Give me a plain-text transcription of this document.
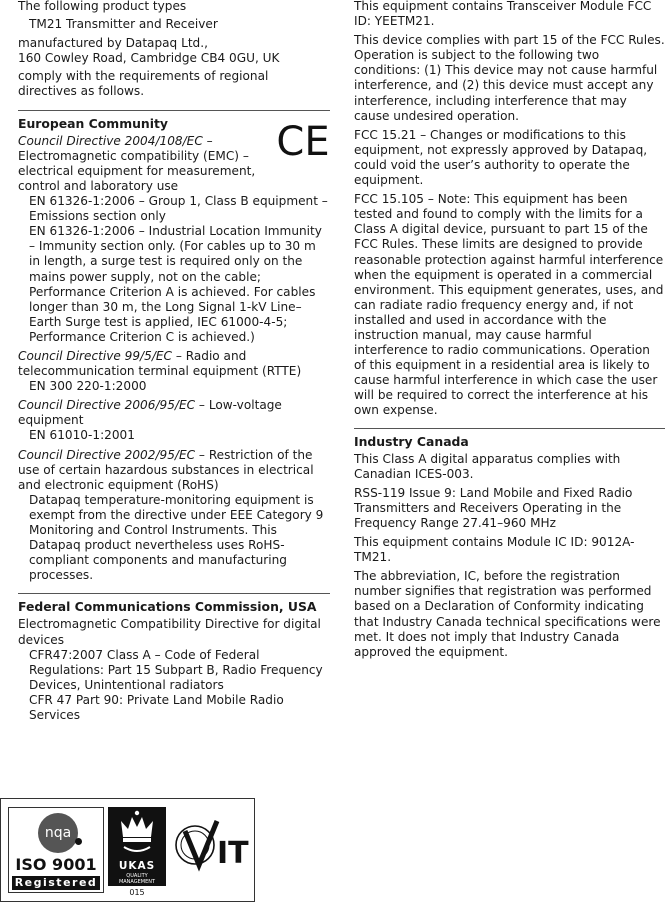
The following product types

TM21 Transmitter and Receiver

manufactured by Datapaq Ltd.,

160 Cowley Road, Cambridge CB4 0GU, UK

comply with the requirements of regional directives as follows.

European Community

Council Directive 2004/108/EC – Electromagnetic compatibility (EMC) – electrical equipment for measurement, control and laboratory use

EN 61326-1:2006 – Group 1, Class B equipment – Emissions section only

EN 61326-1:2006 – Industrial Location Immunity – Immunity section only. (For cables up to 30 m in length, a surge test is required only on the mains power supply, not on the cable; Performance Criterion A is achieved. For cables longer than 30 m, the Long Signal 1-kV Line–Earth Surge test is applied, IEC 61000-4-5; Performance Criterion C is achieved.)

Council Directive 99/5/EC – Radio and telecommunication terminal equipment (RTTE)

EN 300 220-1:2000

Council Directive 2006/95/EC – Low-voltage equipment

EN 61010-1:2001

Council Directive 2002/95/EC – Restriction of the use of certain hazardous substances in electrical and electronic equipment (RoHS)

Datapaq temperature-monitoring equipment is exempt from the directive under EEE Category 9 Monitoring and Control Instruments. This Datapaq product nevertheless uses RoHS-compliant components and manufacturing processes.

Federal Communications Commission, USA

Electromagnetic Compatibility Directive for digital devices

CFR47:2007 Class A – Code of Federal Regulations: Part 15 Subpart B, Radio Frequency Devices, Unintentional radiators

CFR 47 Part 90: Private Land Mobile Radio Services

CE

This equipment contains Transceiver Module FCC ID: YEETM21.

This device complies with part 15 of the FCC Rules. Operation is subject to the following two conditions: (1) This device may not cause harmful interference, and (2) this device must accept any interference, including interference that may cause undesired operation.

FCC 15.21 – Changes or modifications to this equipment, not expressly approved by Datapaq, could void the user’s authority to operate the equipment.

FCC 15.105 – Note: This equipment has been tested and found to comply with the limits for a Class A digital device, pursuant to part 15 of the FCC Rules. These limits are designed to provide reasonable protection against harmful interference when the equipment is operated in a commercial environment. This equipment generates, uses, and can radiate radio frequency energy and, if not installed and used in accordance with the instruction manual, may cause harmful interference to radio communications. Operation of this equipment in a residential area is likely to cause harmful interference in which case the user will be required to correct the interference at his own expense.

Industry Canada

This Class A digital apparatus complies with Canadian ICES-003.

RSS-119 Issue 9: Land Mobile and Fixed Radio Transmitters and Receivers Operating in the Frequency Range 27.41–960 MHz

This equipment contains Module IC ID: 9012A-TM21.

The abbreviation, IC, before the registration number signifies that registration was performed based on a Declaration of Conformity indicating that Industry Canada technical specifications were met. It does not imply that Industry Canada approved the equipment.

nqa
ISO 9001
Registered
UKAS
QUALITY MANAGEMENT
015
IT
